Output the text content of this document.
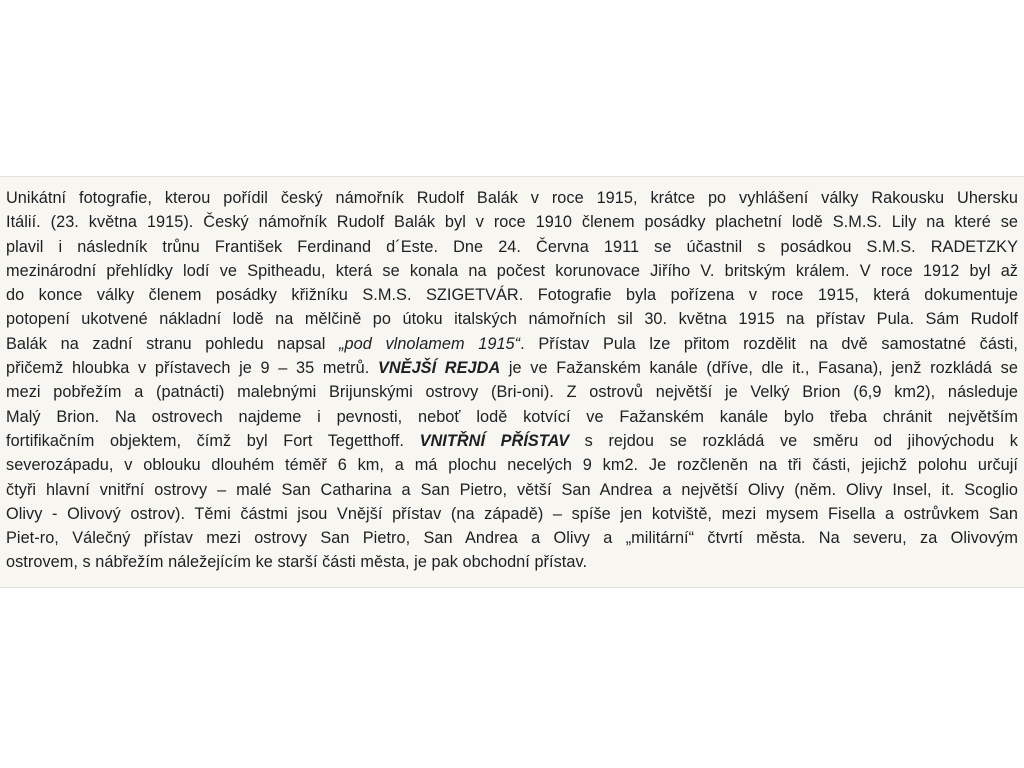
Unikátní fotografie, kterou pořídil český námořník Rudolf Balák v roce 1915, krátce po vyhlášení války Rakousku Uhersku
Itálií. (23. května 1915). Český námořník Rudolf Balák byl v roce 1910 členem posádky plachetní lodě S.M.S. Lily na které se
plavil i následník trůnu František Ferdinand d´Este. Dne 24. Června 1911 se účastnil s posádkou S.M.S. RADETZKY
mezinárodní přehlídky lodí ve Spitheadu, která se konala na počest korunovace Jiřího V. britským králem. V roce 1912 byl až
do konce války členem posádky křižníku S.M.S. SZIGETVÁR. Fotografie byla pořízena v roce 1915, která dokumentuje
potopení ukotvené nákladní lodě na mělčině po útoku italských námořních sil 30. května 1915 na přístav Pula. Sám Rudolf
Balák na zadní stranu pohledu napsal „pod vlnolamem 1915“. Přístav Pula lze přitom rozdělit na dvě samostatné části,
přičemž hloubka v přístavech je 9 – 35 metrů. VNĚJŠÍ REJDA je ve Fažanském kanále (dříve, dle it., Fasana), jenž rozkládá se
mezi pobřežím a (patnácti) malebnými Brijunskými ostrovy (Bri-oni). Z ostrovů největší je Velký Brion (6,9 km2), následuje
Malý Brion. Na ostrovech najdeme i pevnosti, neboť lodě kotvící ve Fažanském kanále bylo třeba chránit největším
fortifikačním objektem, čímž byl Fort Tegetthoff. VNITŘNÍ PŘÍSTAV s rejdou se rozkládá ve směru od jihovýchodu k
severozápadu, v oblouku dlouhém téměř 6 km, a má plochu necelých 9 km2. Je rozčleněn na tři části, jejichž polohu určují
čtyři hlavní vnitřní ostrovy – malé San Catharina a San Pietro, větší San Andrea a největší Olivy (něm. Olivy Insel, it. Scoglio
Olivy - Olivový ostrov). Těmi částmi jsou Vnější přístav (na západě) – spíše jen kotviště, mezi mysem Fisella a ostrůvkem San
Piet-ro, Válečný přístav mezi ostrovy San Pietro, San Andrea a Olivy a „militární“ čtvrtí města. Na severu, za Olivovým
ostrovem, s nábřežím náležejícím ke starší části města, je pak obchodní přístav.
